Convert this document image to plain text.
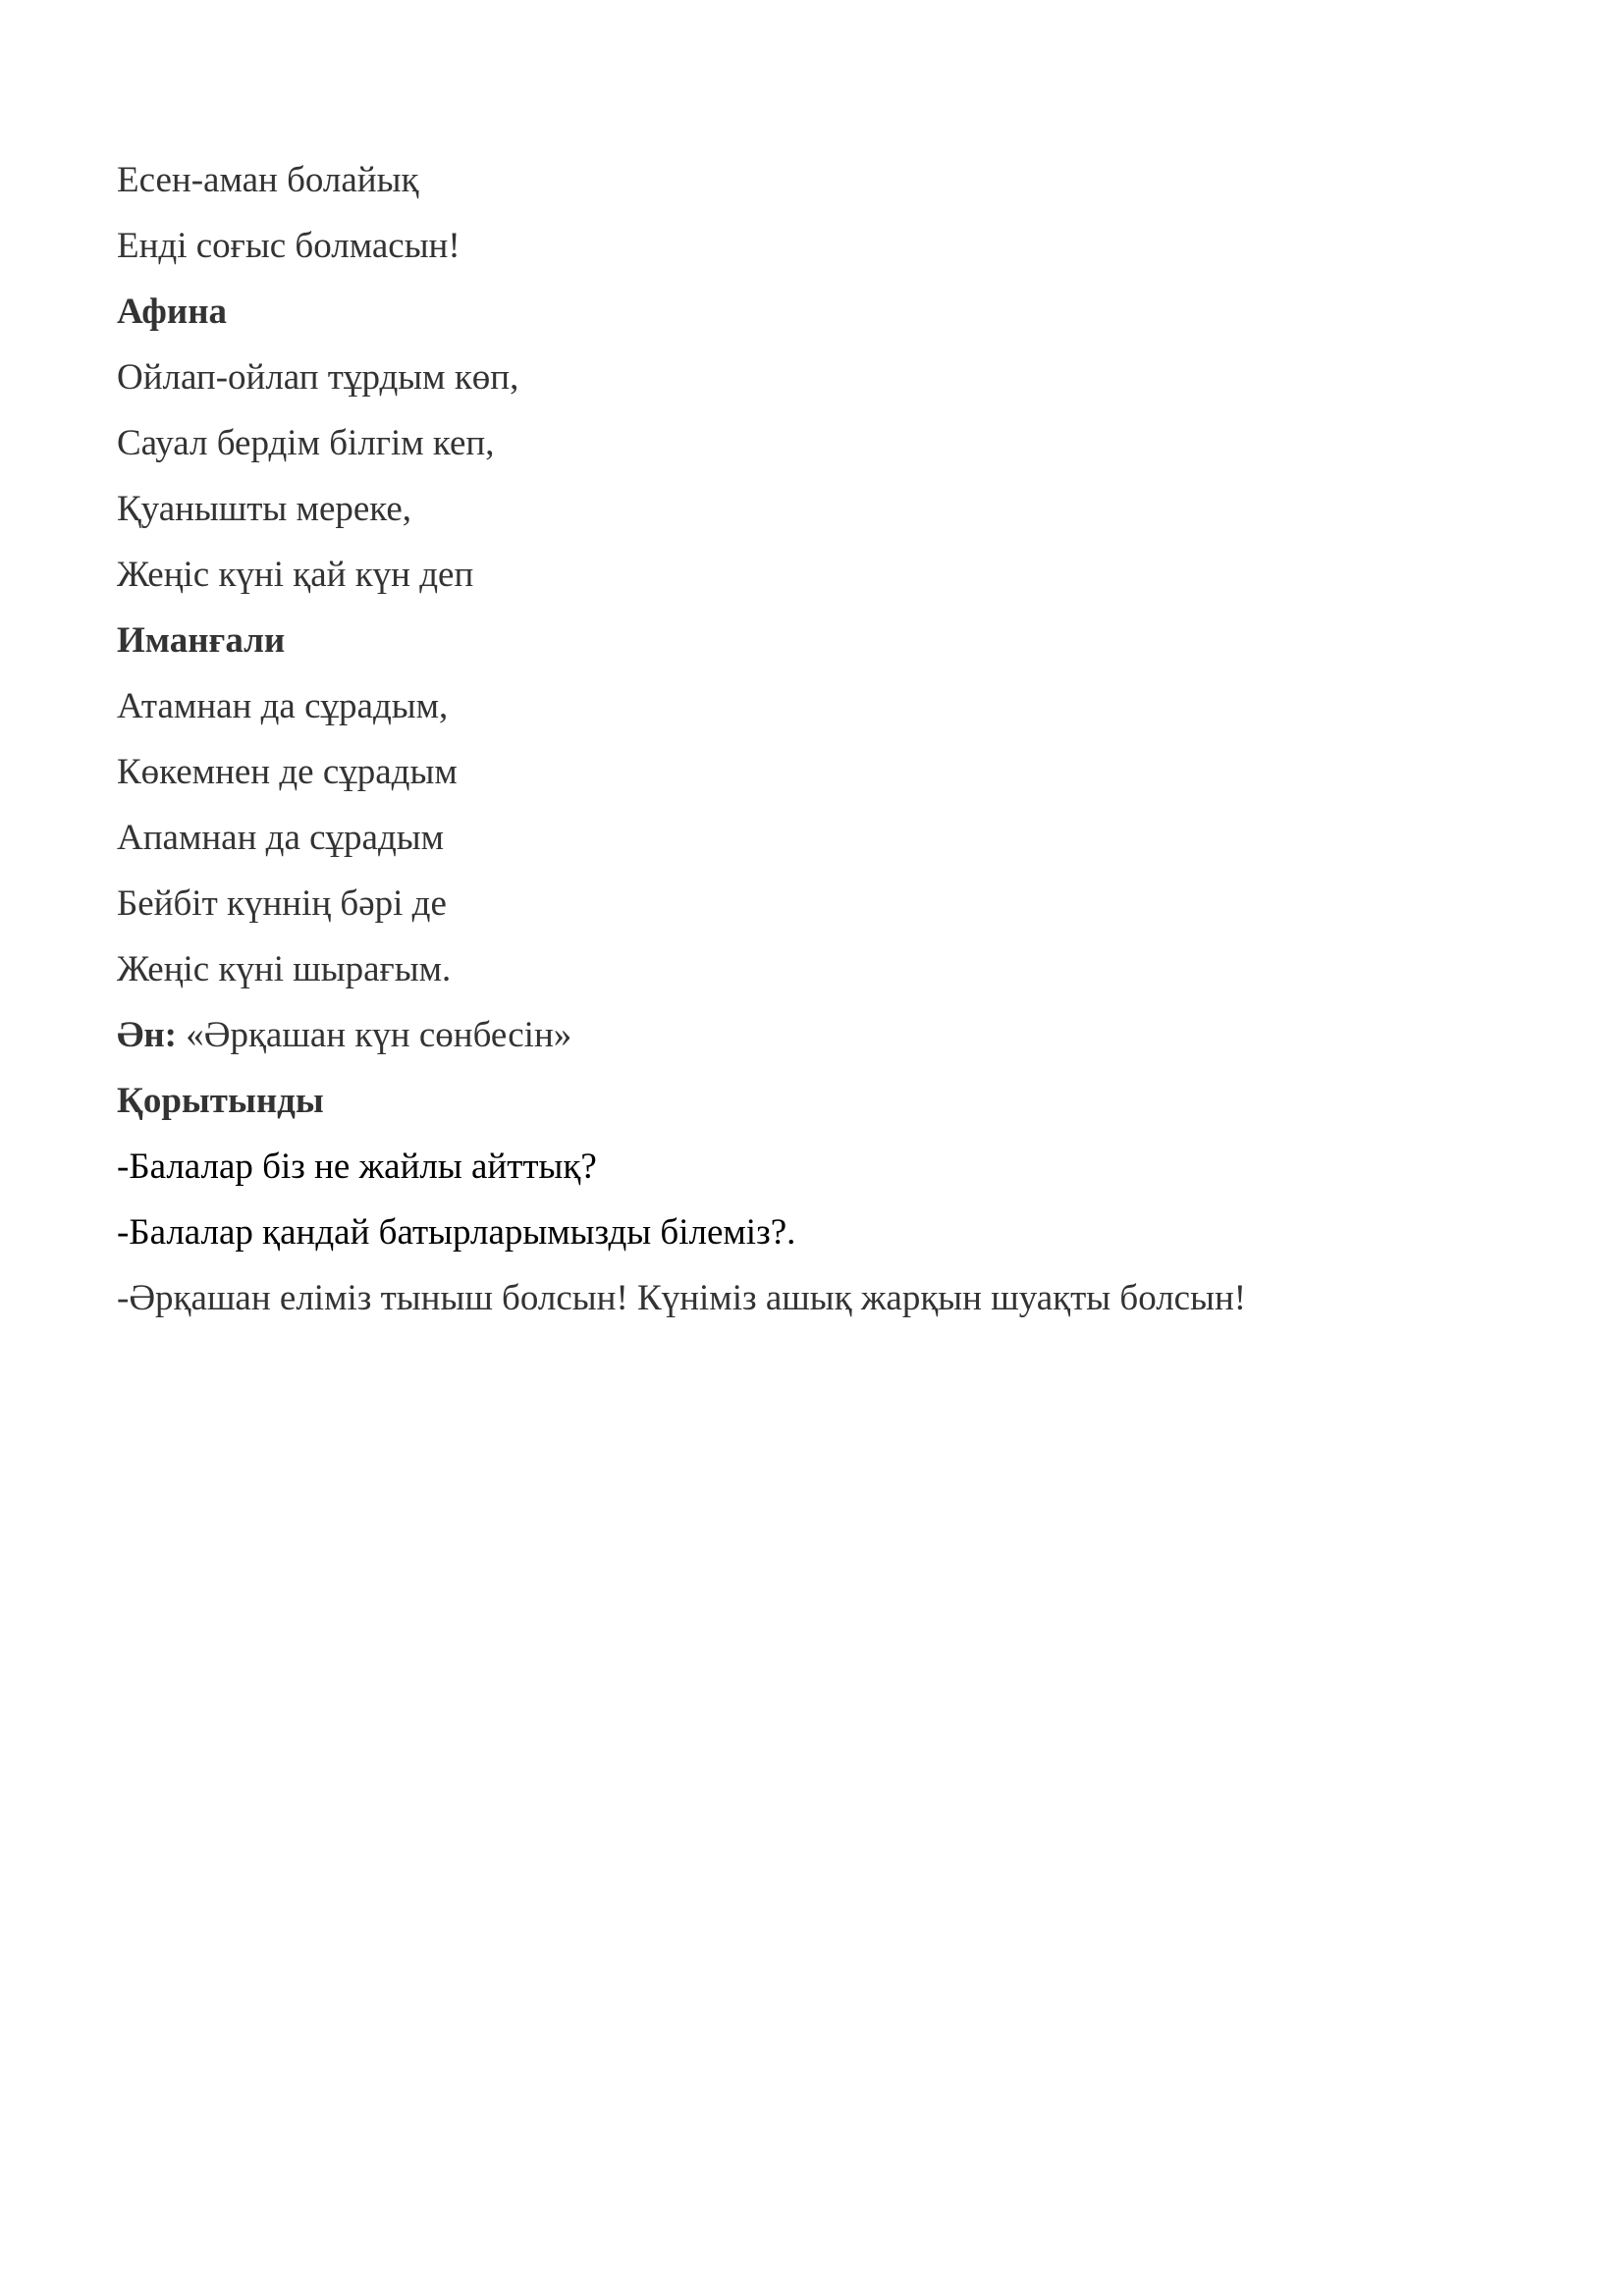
Есен-аман болайық

Енді соғыс болмасын!

Афина

Ойлап-ойлап тұрдым көп,

Сауал бердім білгім кеп,

Қуанышты мереке,

Жеңіс күні қай күн деп

Иманғали

Атамнан да сұрадым,

Көкемнен де сұрадым

Апамнан да сұрадым

Бейбіт күннің бәрі де

Жеңіс күні шырағым.

Ән: «Әрқашан күн сөнбесін»

Қорытынды

-Балалар біз не жайлы айттық?

-Балалар қандай батырларымызды білеміз?.

-Әрқашан еліміз тыныш болсын! Күніміз ашық жарқын шуақты болсын!
